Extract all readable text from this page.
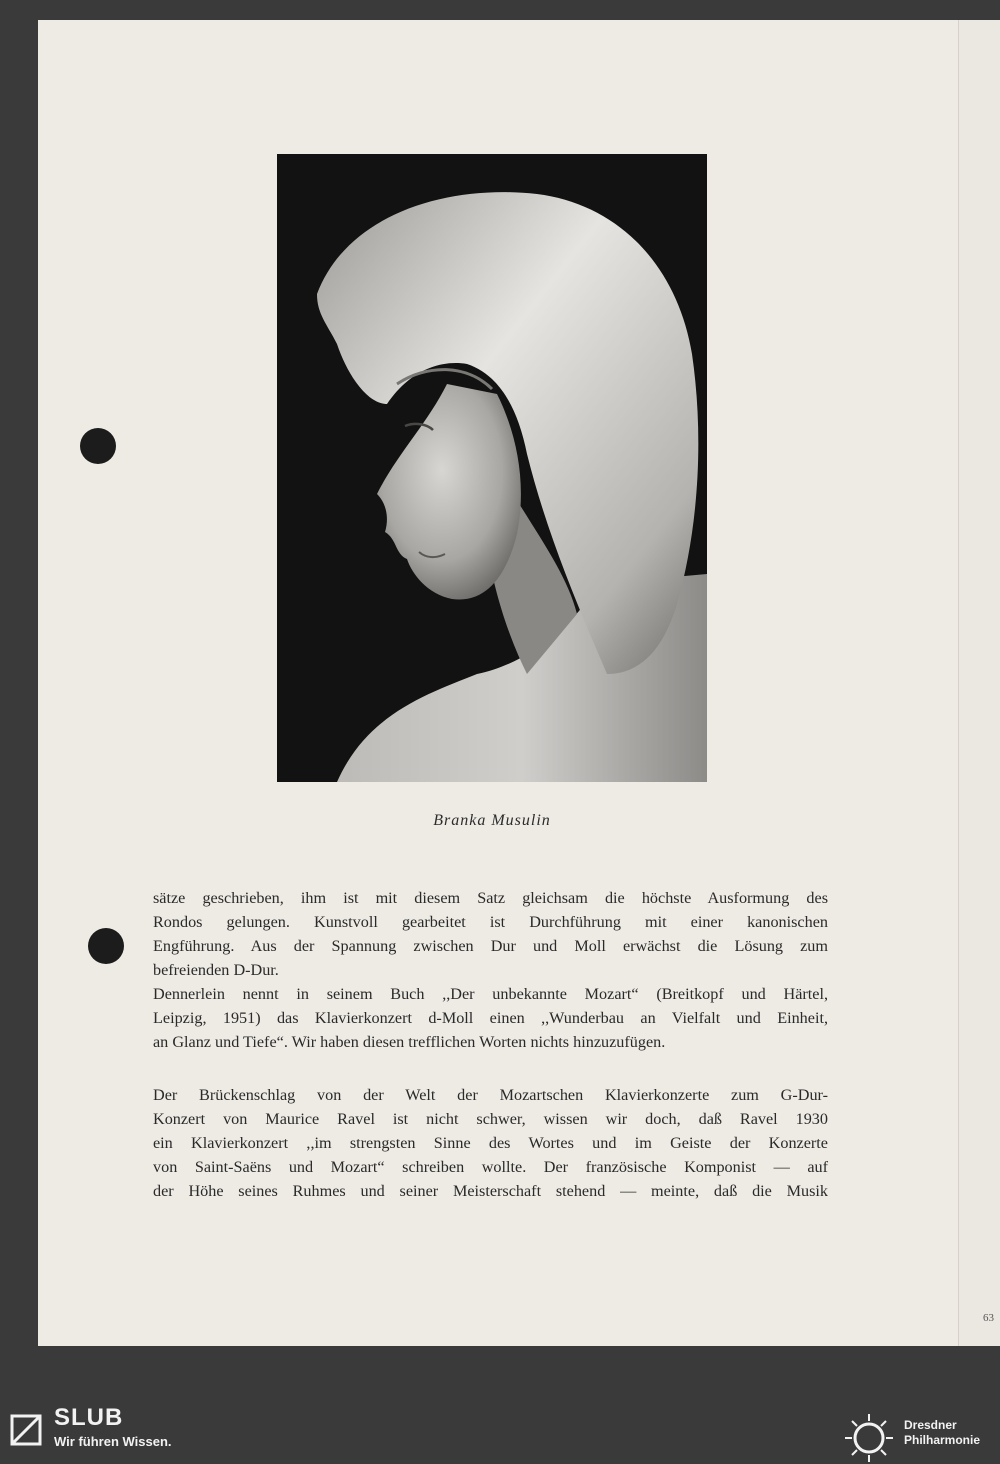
63
Branka Musulin
sätze geschrieben, ihm ist mit diesem Satz gleichsam die höchste Ausformung des
Rondos gelungen. Kunstvoll gearbeitet ist Durchführung mit einer kanonischen
Engführung. Aus der Spannung zwischen Dur und Moll erwächst die Lösung zum
befreienden D-Dur.
Dennerlein nennt in seinem Buch ,,Der unbekannte Mozart“ (Breitkopf und Härtel,
Leipzig, 1951) das Klavierkonzert d-Moll einen ,,Wunderbau an Vielfalt und Einheit,
an Glanz und Tiefe“. Wir haben diesen trefflichen Worten nichts hinzuzufügen.
Der Brückenschlag von der Welt der Mozartschen Klavierkonzerte zum G-Dur-
Konzert von Maurice Ravel ist nicht schwer, wissen wir doch, daß Ravel 1930
ein Klavierkonzert ,,im strengsten Sinne des Wortes und im Geiste der Konzerte
von Saint-Saëns und Mozart“ schreiben wollte. Der französische Komponist — auf
der Höhe seines Ruhmes und seiner Meisterschaft stehend — meinte, daß die Musik
SLUB
Wir führen Wissen.
Dresdner
Philharmonie
